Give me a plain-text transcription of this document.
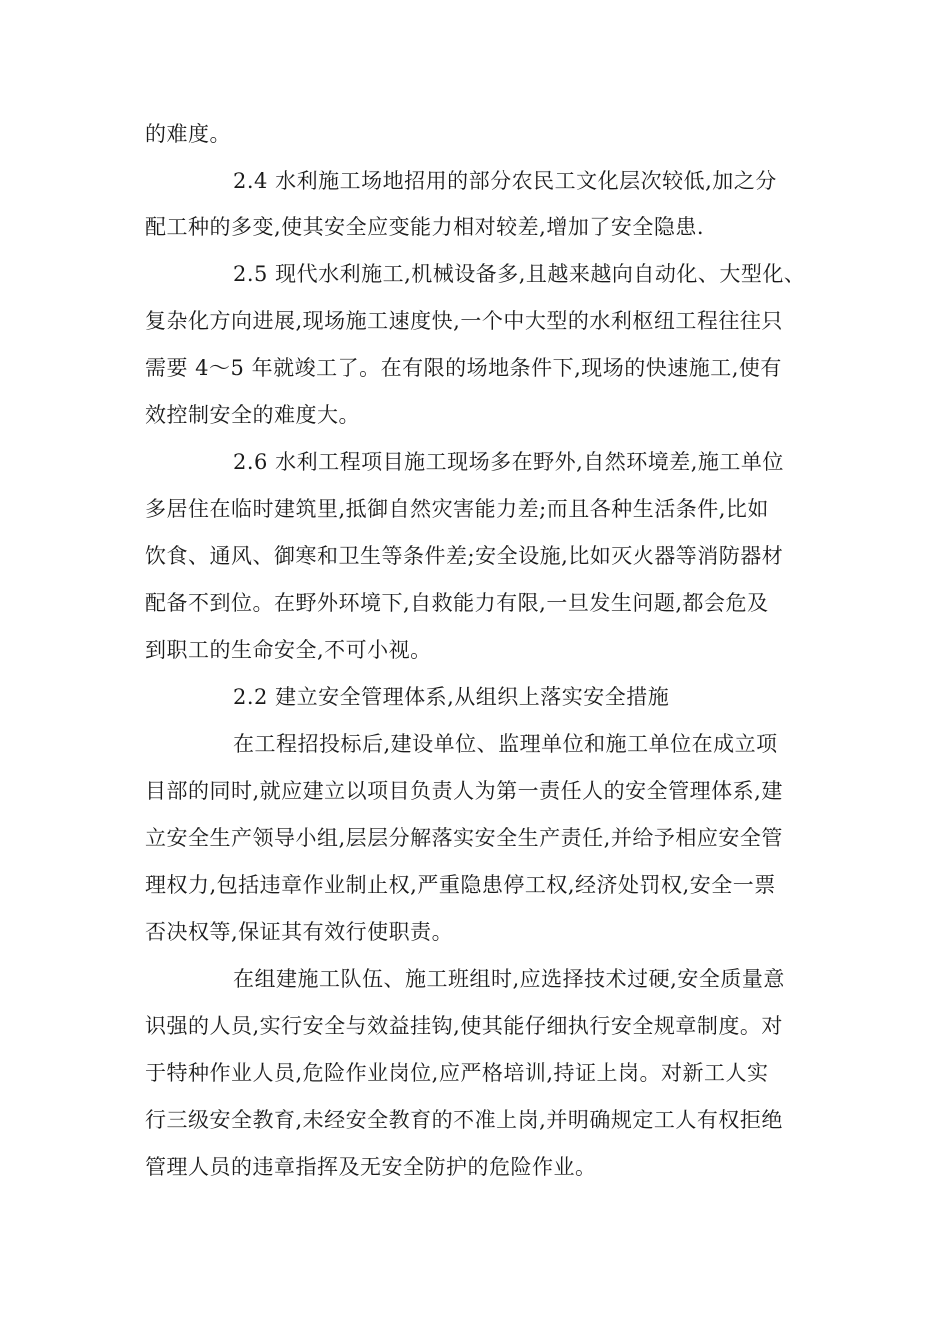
的难度。
2.4 水利施工场地招用的部分农民工文化层次较低,加之分
配工种的多变,使其安全应变能力相对较差,增加了安全隐患.
2.5 现代水利施工,机械设备多,且越来越向自动化、大型化、
复杂化方向进展,现场施工速度快,一个中大型的水利枢纽工程往往只
需要 4～5 年就竣工了。在有限的场地条件下,现场的快速施工,使有
效控制安全的难度大。
2.6 水利工程项目施工现场多在野外,自然环境差,施工单位
多居住在临时建筑里,抵御自然灾害能力差;而且各种生活条件,比如
饮食、通风、御寒和卫生等条件差;安全设施,比如灭火器等消防器材
配备不到位。在野外环境下,自救能力有限,一旦发生问题,都会危及
到职工的生命安全,不可小视。
2.2 建立安全管理体系,从组织上落实安全措施
在工程招投标后,建设单位、监理单位和施工单位在成立项
目部的同时,就应建立以项目负责人为第一责任人的安全管理体系,建
立安全生产领导小组,层层分解落实安全生产责任,并给予相应安全管
理权力,包括违章作业制止权,严重隐患停工权,经济处罚权,安全一票
否决权等,保证其有效行使职责。
在组建施工队伍、施工班组时,应选择技术过硬,安全质量意
识强的人员,实行安全与效益挂钩,使其能仔细执行安全规章制度。对
于特种作业人员,危险作业岗位,应严格培训,持证上岗。对新工人实
行三级安全教育,未经安全教育的不准上岗,并明确规定工人有权拒绝
管理人员的违章指挥及无安全防护的危险作业。
